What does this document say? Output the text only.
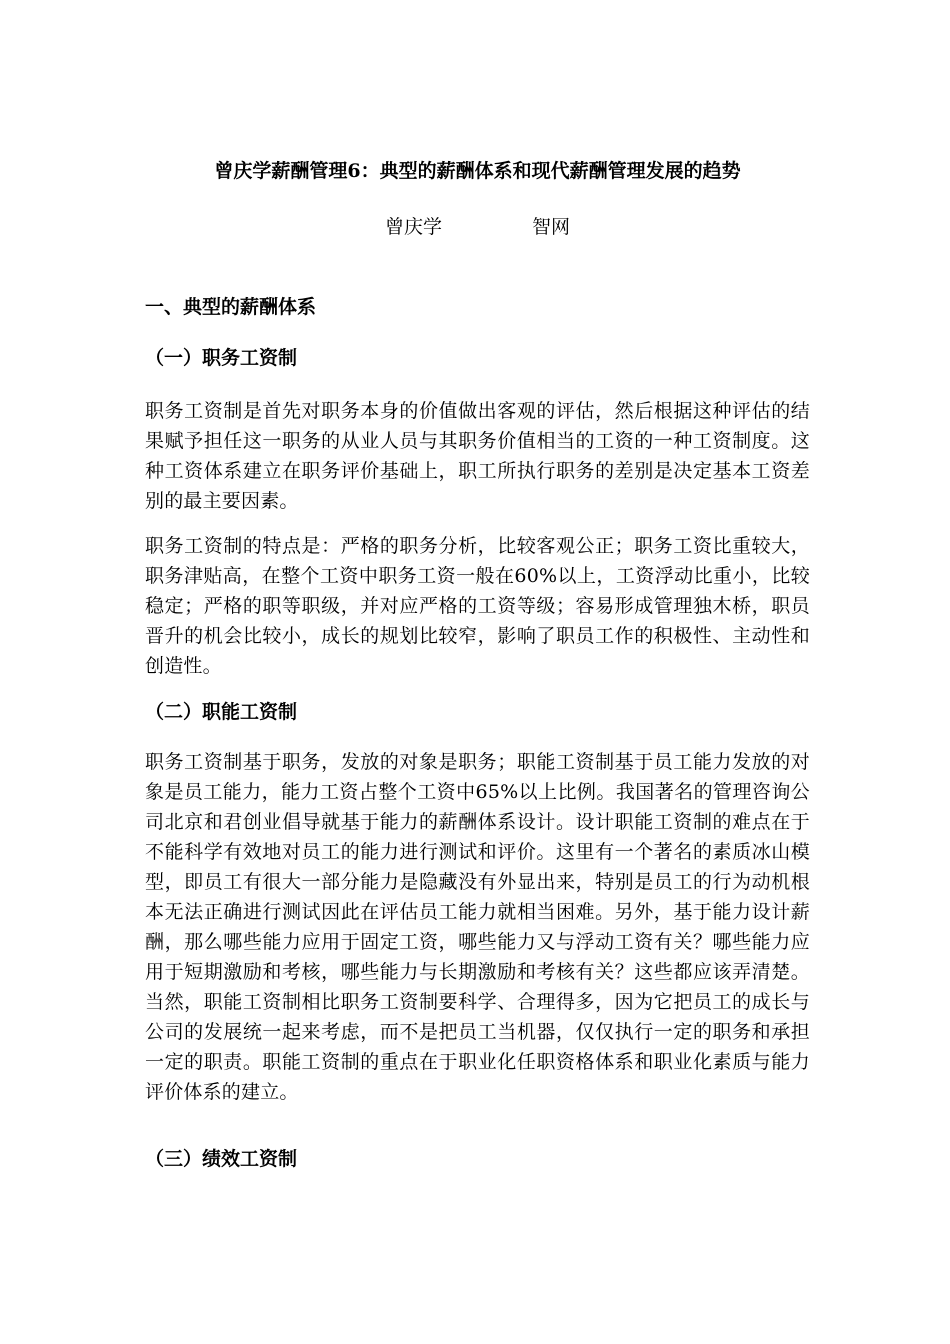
曾庆学薪酬管理6：典型的薪酬体系和现代薪酬管理发展的趋势

曾庆学	智网

一、典型的薪酬体系
（一）职务工资制

职务工资制是首先对职务本身的价值做出客观的评估，然后根据这种评估的结果赋予担任这一职务的从业人员与其职务价值相当的工资的一种工资制度。这种工资体系建立在职务评价基础上，职工所执行职务的差别是决定基本工资差别的最主要因素。

职务工资制的特点是：严格的职务分析，比较客观公正；职务工资比重较大，职务津贴高，在整个工资中职务工资一般在60%以上，工资浮动比重小，比较稳定；严格的职等职级，并对应严格的工资等级；容易形成管理独木桥，职员晋升的机会比较小，成长的规划比较窄，影响了职员工作的积极性、主动性和创造性。

（二）职能工资制

职务工资制基于职务，发放的对象是职务；职能工资制基于员工能力发放的对象是员工能力，能力工资占整个工资中65%以上比例。我国著名的管理咨询公司北京和君创业倡导就基于能力的薪酬体系设计。设计职能工资制的难点在于不能科学有效地对员工的能力进行测试和评价。这里有一个著名的素质冰山模型，即员工有很大一部分能力是隐藏没有外显出来，特别是员工的行为动机根本无法正确进行测试因此在评估员工能力就相当困难。另外，基于能力设计薪酬，那么哪些能力应用于固定工资，哪些能力又与浮动工资有关？哪些能力应用于短期激励和考核，哪些能力与长期激励和考核有关？这些都应该弄清楚。当然，职能工资制相比职务工资制要科学、合理得多，因为它把员工的成长与公司的发展统一起来考虑，而不是把员工当机器，仅仅执行一定的职务和承担一定的职责。职能工资制的重点在于职业化任职资格体系和职业化素质与能力评价体系的建立。

（三）绩效工资制
